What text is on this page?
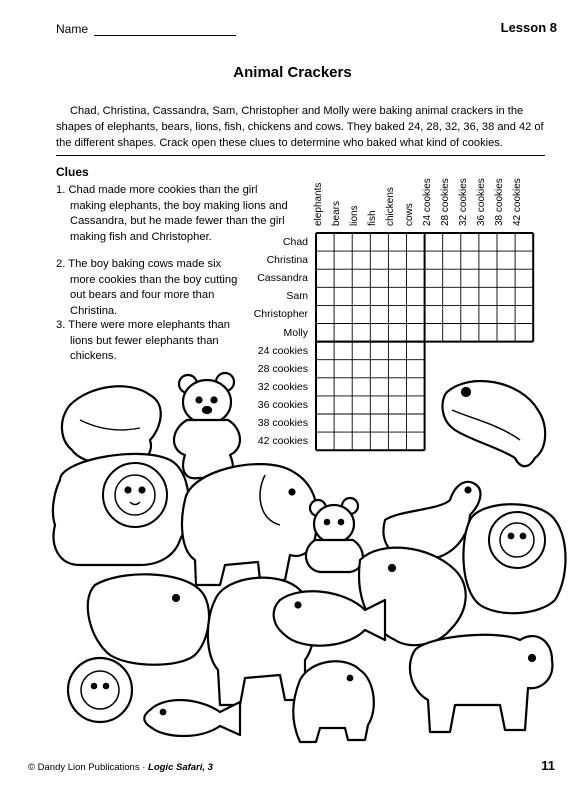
Name	Lesson 8
Animal Crackers
Chad, Christina, Cassandra, Sam, Christopher and Molly were baking animal crackers in the shapes of elephants, bears, lions, fish, chickens and cows. They baked 24, 28, 32, 36, 38 and 42 of the different shapes. Crack open these clues to determine who baked what kind of cookies.
Clues
1. Chad made more cookies than the girl making elephants, the boy making lions and Cassandra, but he made fewer than the girl making fish and Christopher.
2. The boy baking cows made six more cookies than the boy cutting out bears and four more than Christina.
3. There were more elephants than lions but fewer elephants than chickens.
Chad
Christina
Cassandra
Sam
Christopher
Molly
24 cookies
28 cookies
32 cookies
36 cookies
38 cookies
42 cookies
elephants bears lions fish chickens cows 24 cookies 28 cookies 32 cookies 36 cookies 38 cookies 42 cookies
© Dandy Lion Publications · Logic Safari, 3	11
